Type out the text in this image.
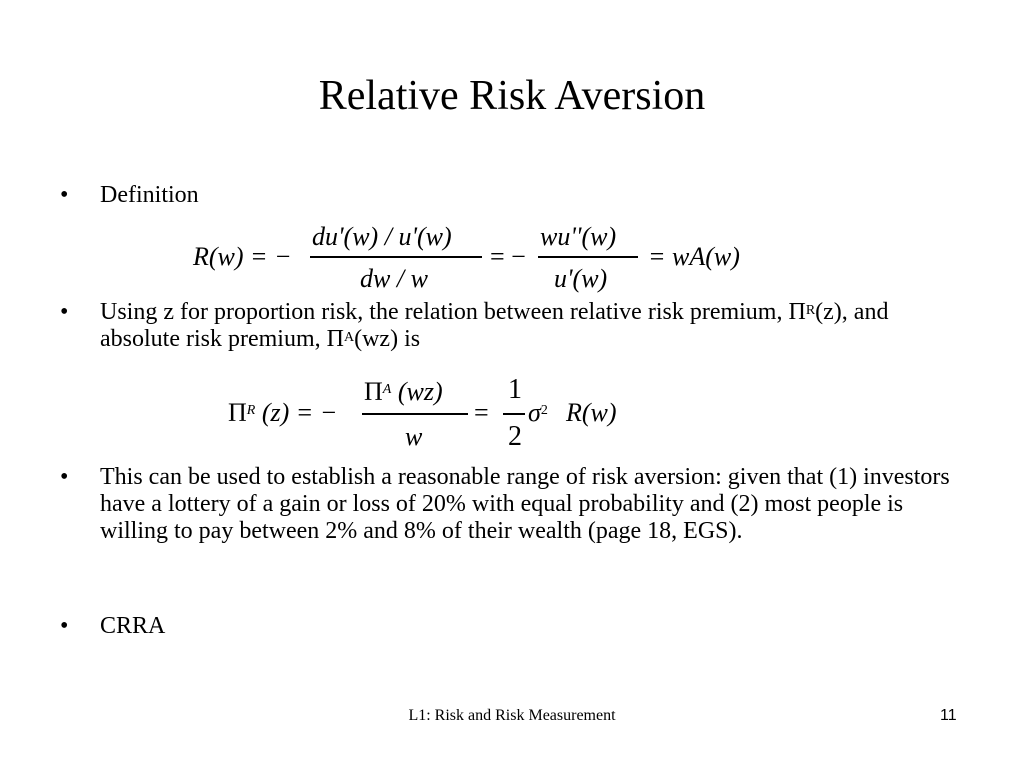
Relative Risk Aversion
• Definition
R(w) = −
du'(w) / u'(w)
dw / w
= −
wu''(w)
u'(w)
= wA(w)
• Using z for proportion risk, the relation between relative risk premium, $\Pi^R(z)$, and absolute risk premium, $\Pi^A(wz)$ is
$\Pi^R$ (z) = −
$\Pi^A$ (wz)
w
=
1
2
$\sigma^2$ R(w)
• This can be used to establish a reasonable range of risk aversion: given that (1) investors have a lottery of a gain or loss of 20% with equal probability and (2) most people is willing to pay between 2% and 8% of their wealth (page 18, EGS).
• CRRA
L1: Risk and Risk Measurement	11
